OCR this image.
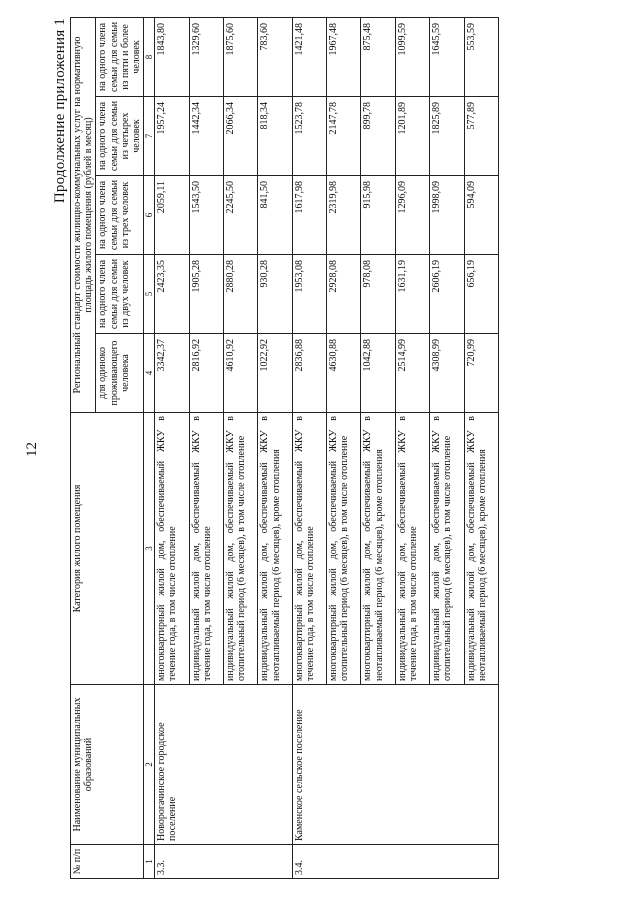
12
Продолжение приложения 1
№ п/п	Наименование муниципальных образований	Категория жилого помещения	Региональный стандарт стоимости жилищно-коммунальных услуг на нормативную площадь жилого помещения (рублей в месяц)				
			для одиноко проживающего человека	на одного члена семьи для семьи из двух человек	на одного члена семьи для семьи из трех человек	на одного члена семьи для семьи из четырех человек	на одного члена семьи для семьи из пяти и более человек
1	2	3	4	5	6	7	8
3.3.	Новорогачинское городское поселение	многоквартирный жилой дом, обеспечиваемый ЖКУ в течение года, в том числе отопление	3342,37	2423,35	2059,11	1957,24	1843,80
		индивидуальный жилой дом, обеспечиваемый ЖКУ в течение года, в том числе отопление	2816,92	1905,28	1543,50	1442,34	1329,60
		индивидуальный жилой дом, обеспечиваемый ЖКУ в отопительный период (6 месяцев), в том числе отопление	4610,92	2880,28	2245,50	2066,34	1875,60
		индивидуальный жилой дом, обеспечиваемый ЖКУ в неотапливаемый период (6 месяцев), кроме отопления	1022,92	930,28	841,50	818,34	783,60
3.4.	Каменское сельское поселение	многоквартирный жилой дом, обеспечиваемый ЖКУ в течение года, в том числе отопление	2836,88	1953,08	1617,98	1523,78	1421,48
		многоквартирный жилой дом, обеспечиваемый ЖКУ в отопительный период (6 месяцев), в том числе отопление	4630,88	2928,08	2319,98	2147,78	1967,48
		многоквартирный жилой дом, обеспечиваемый ЖКУ в неотапливаемый период (6 месяцев), кроме отопления	1042,88	978,08	915,98	899,78	875,48
		индивидуальный жилой дом, обеспечиваемый ЖКУ в течение года, в том числе отопление	2514,99	1631,19	1296,09	1201,89	1099,59
		индивидуальный жилой дом, обеспечиваемый ЖКУ в отопительный период (6 месяцев), в том числе отопление	4308,99	2606,19	1998,09	1825,89	1645,59
		индивидуальный жилой дом, обеспечиваемый ЖКУ в неотапливаемый период (6 месяцев), кроме отопления	720,99	656,19	594,09	577,89	553,59
